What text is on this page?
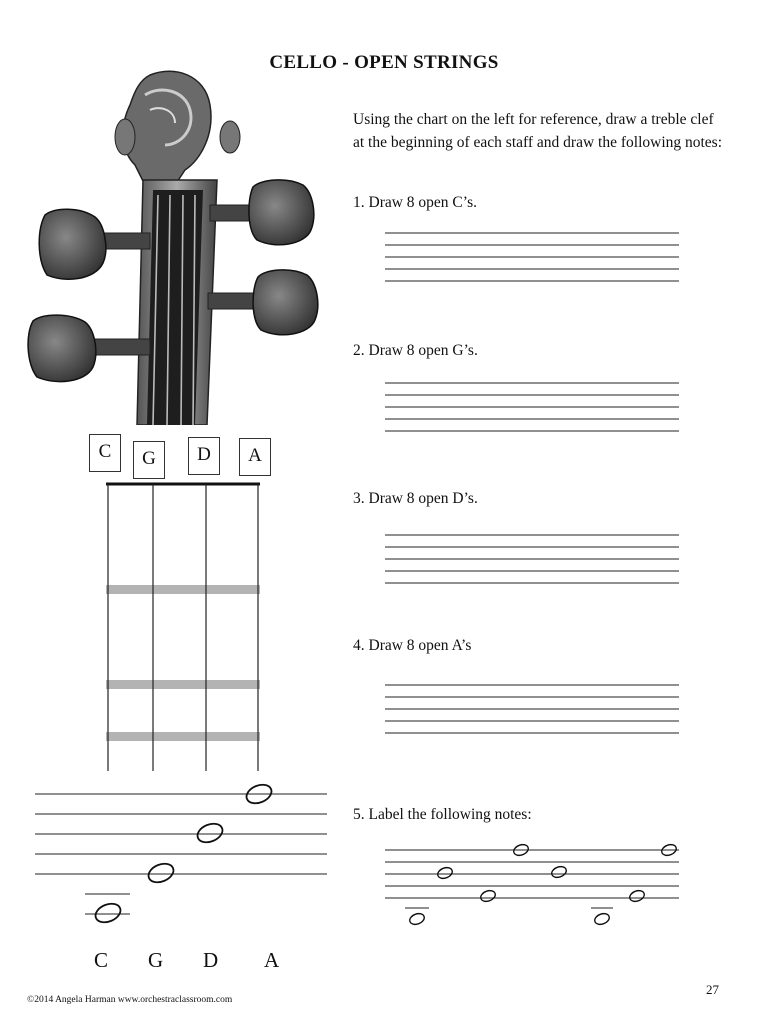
CELLO - OPEN STRINGS
C	G	D	A
C G D A
Using the chart on the left for reference, draw a treble clef at the beginning of each staff and draw the following notes:
1. Draw 8 open C’s.
2. Draw 8 open G’s.
3. Draw 8 open D’s.
4. Draw 8 open A’s
5. Label the following notes:
©2014 Angela Harman www.orchestraclassroom.com
27
